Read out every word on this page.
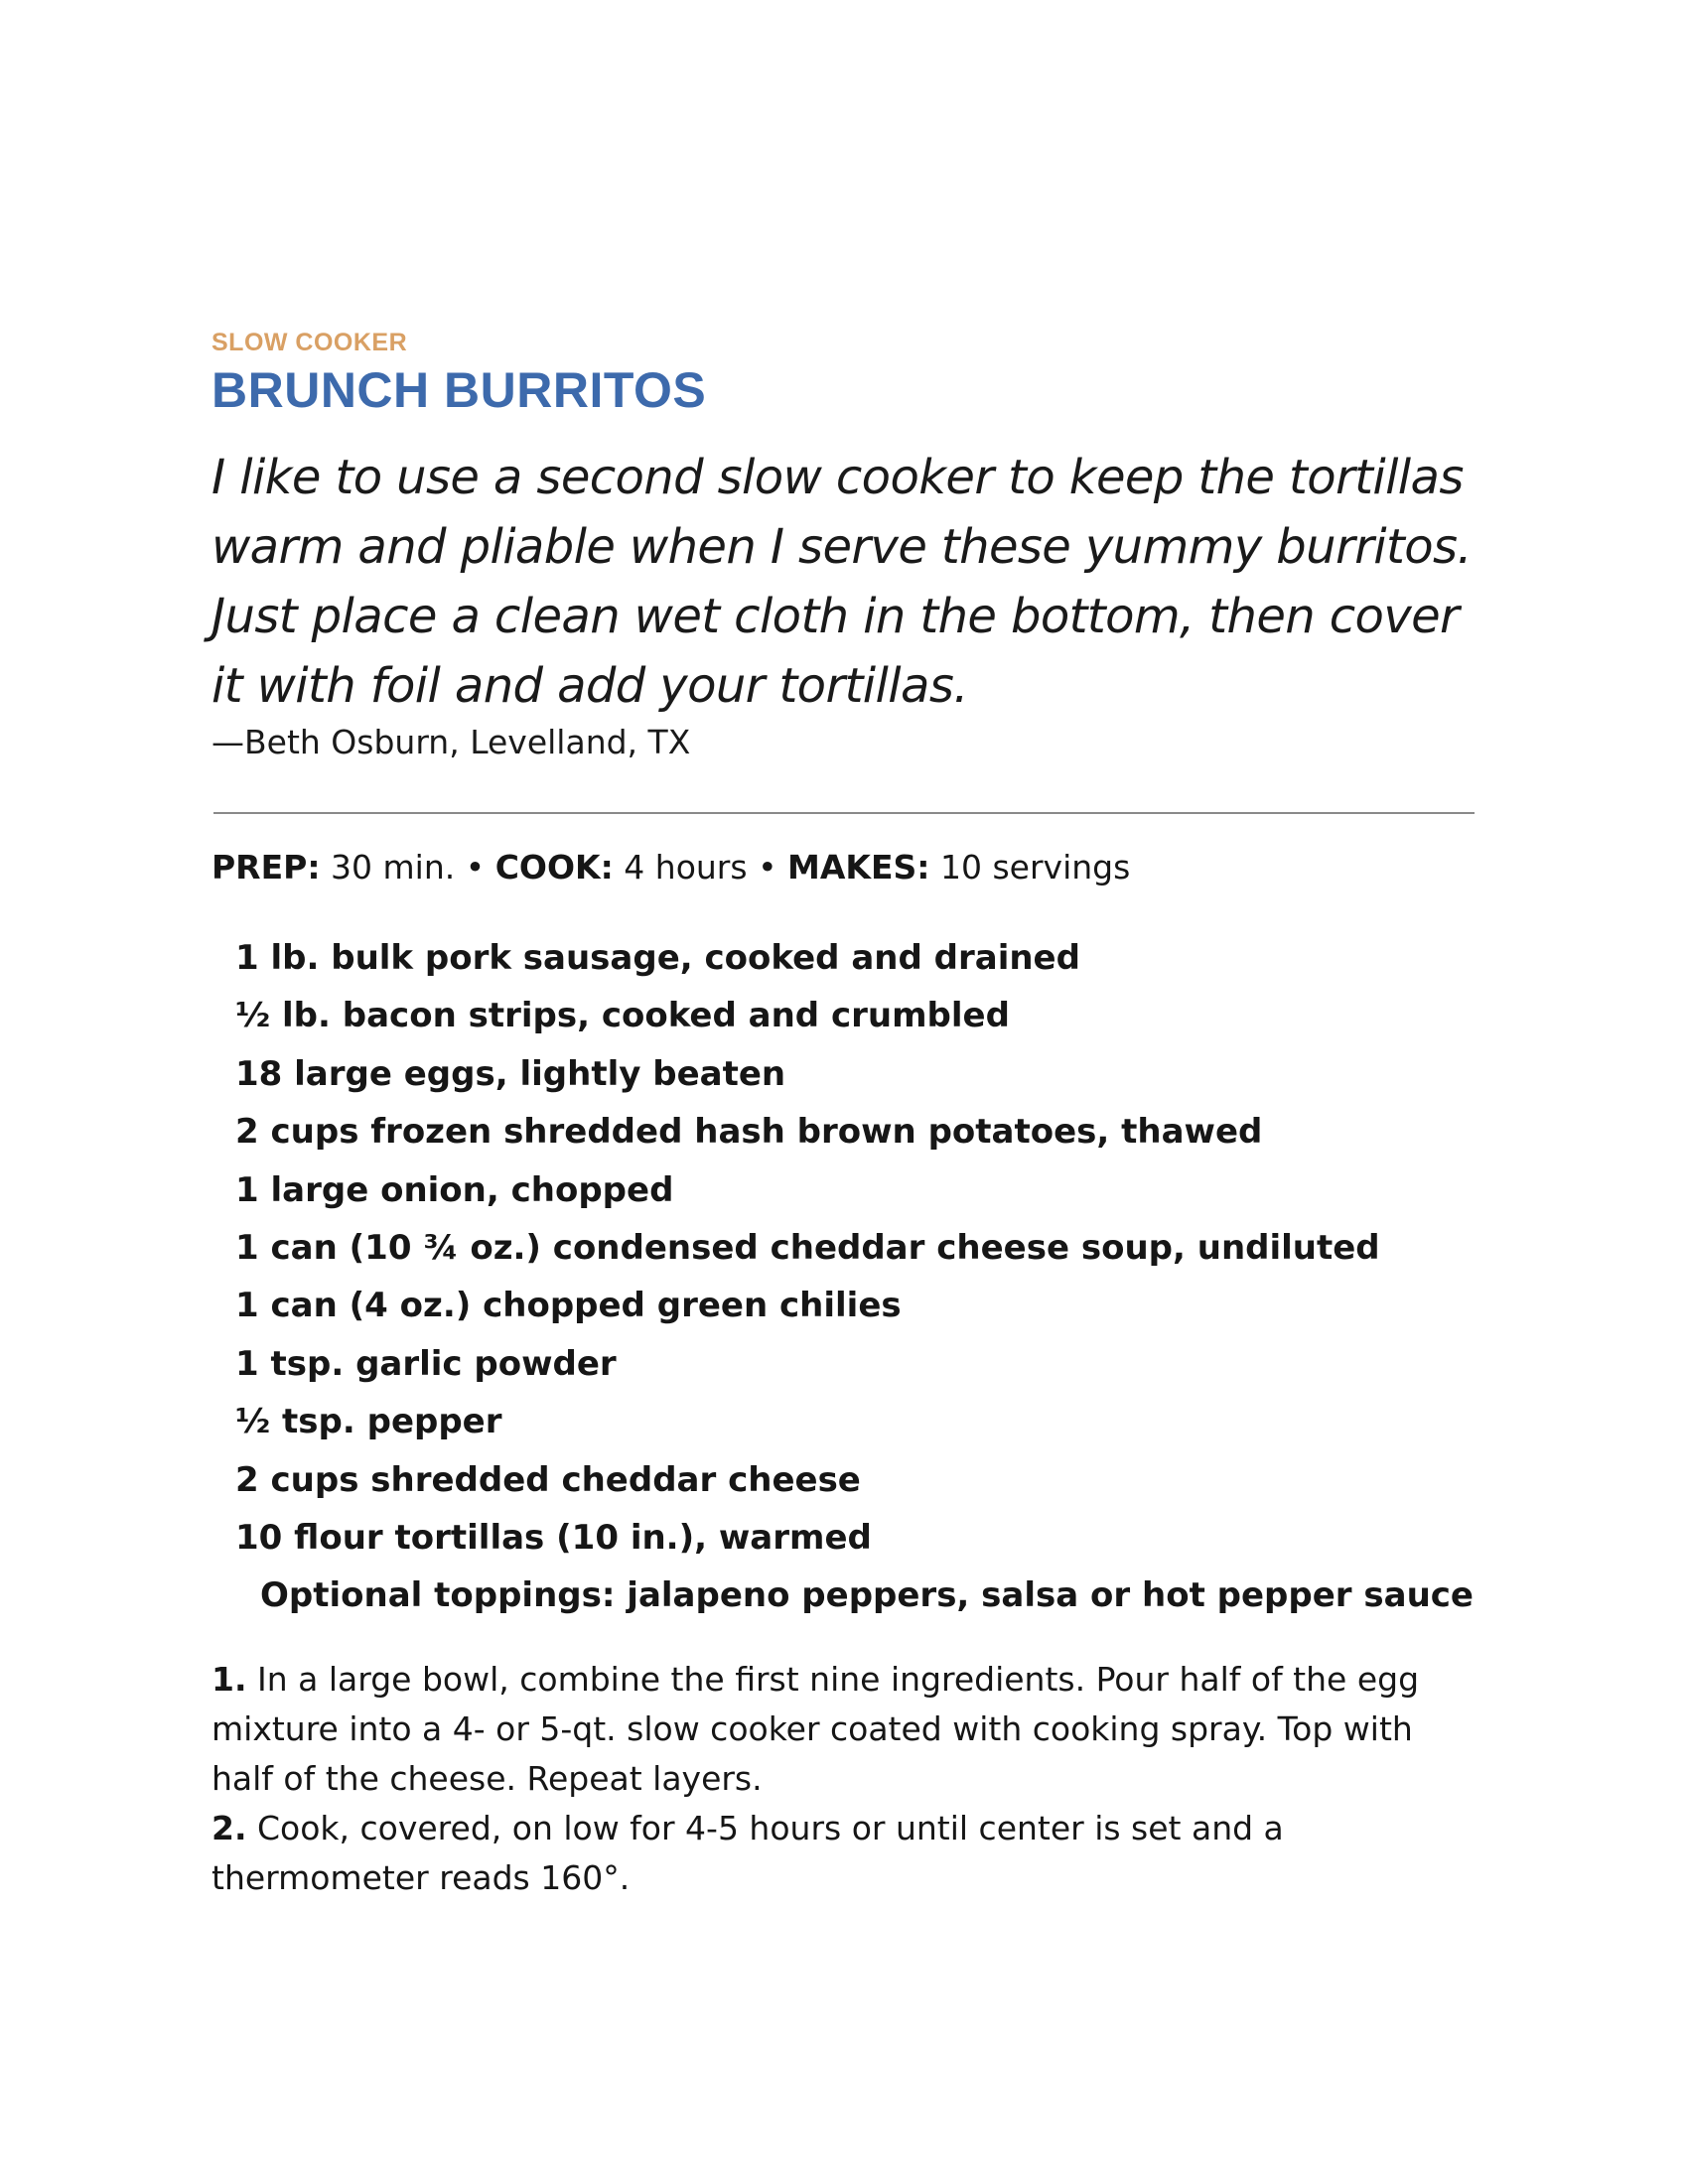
SLOW COOKER

BRUNCH BURRITOS

I like to use a second slow cooker to keep the tortillas warm and pliable when I serve these yummy burritos. Just place a clean wet cloth in the bottom, then cover it with foil and add your tortillas.

—Beth Osburn, Levelland, TX

PREP: 30 min. • COOK: 4 hours • MAKES: 10 servings

1 lb. bulk pork sausage, cooked and drained
½ lb. bacon strips, cooked and crumbled
18 large eggs, lightly beaten
2 cups frozen shredded hash brown potatoes, thawed
1 large onion, chopped
1 can (10 ¾ oz.) condensed cheddar cheese soup, undiluted
1 can (4 oz.) chopped green chilies
1 tsp. garlic powder
½ tsp. pepper
2 cups shredded cheddar cheese
10 flour tortillas (10 in.), warmed
Optional toppings: jalapeno peppers, salsa or hot pepper sauce

1. In a large bowl, combine the first nine ingredients. Pour half of the egg mixture into a 4- or 5-qt. slow cooker coated with cooking spray. Top with half of the cheese. Repeat layers.

2. Cook, covered, on low for 4-5 hours or until center is set and a thermometer reads 160°.
